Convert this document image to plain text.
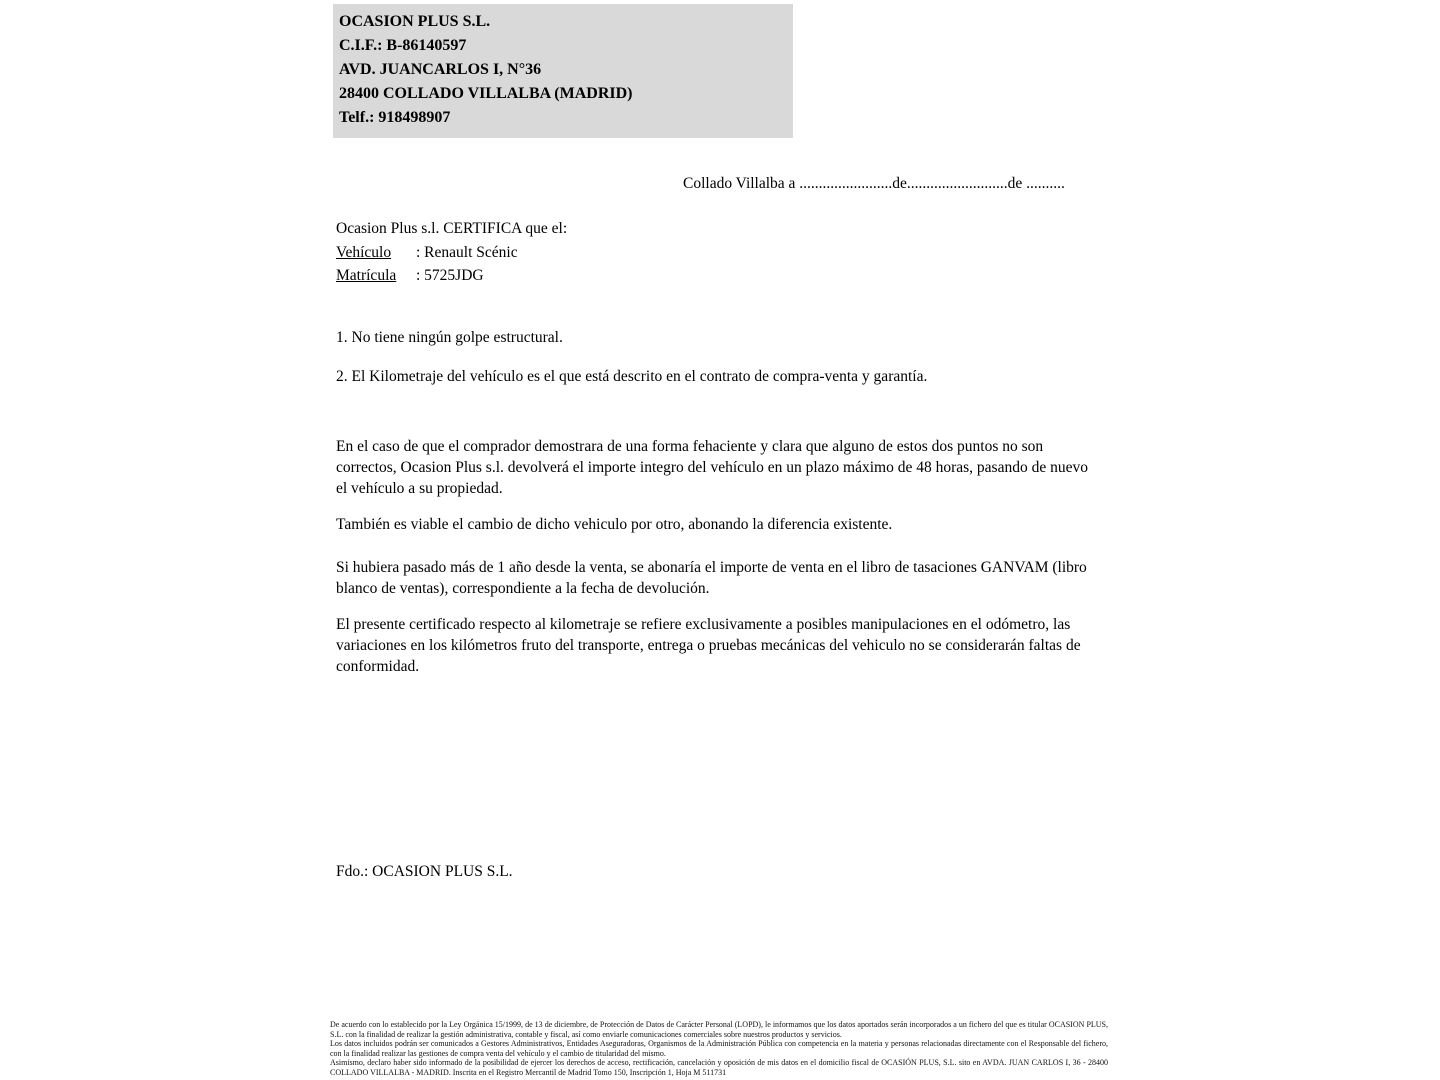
OCASION PLUS S.L.
C.I.F.: B-86140597
AVD. JUANCARLOS I, N°36
28400 COLLADO VILLALBA (MADRID)
Telf.: 918498907
Collado Villalba a ........................de..........................de ..........
Ocasion Plus s.l. CERTIFICA que el:
Vehículo : Renault Scénic
Matrícula : 5725JDG
1. No tiene ningún golpe estructural.
2. El Kilometraje del vehículo es el que está descrito en el contrato de compra-venta y garantía.
En el caso de que el comprador demostrara de una forma fehaciente y clara que alguno de estos dos puntos no son correctos, Ocasion Plus s.l. devolverá el importe integro del vehículo en un plazo máximo de 48 horas, pasando de nuevo el vehículo a su propiedad.
También es viable el cambio de dicho vehiculo por otro, abonando la diferencia existente.
Si hubiera pasado más de 1 año desde la venta, se abonaría el importe de venta en el libro de tasaciones GANVAM (libro blanco de ventas), correspondiente a la fecha de devolución.
El presente certificado respecto al kilometraje se refiere exclusivamente a posibles manipulaciones en el odómetro, las variaciones en los kilómetros fruto del transporte, entrega o pruebas mecánicas del vehiculo no se considerarán faltas de conformidad.
Fdo.: OCASION PLUS S.L.
De acuerdo con lo establecido por la Ley Orgánica 15/1999, de 13 de diciembre, de Protección de Datos de Carácter Personal (LOPD), le informamos que los datos aportados serán incorporados a un fichero del que es titular OCASION PLUS, S.L. con la finalidad de realizar la gestión administrativa, contable y fiscal, así como enviarle comunicaciones comerciales sobre nuestros productos y servicios.
Los datos incluidos podrán ser comunicados a Gestores Administrativos, Entidades Aseguradoras, Organismos de la Administración Pública con competencia en la materia y personas relacionadas directamente con el Responsable del fichero, con la finalidad realizar las gestiones de compra venta del vehículo y el cambio de titularidad del mismo.
Asimismo, declaro haber sido informado de la posibilidad de ejercer los derechos de acceso, rectificación, cancelación y oposición de mis datos en el domicilio fiscal de OCASIÓN PLUS, S.L. sito en AVDA. JUAN CARLOS I, 36 - 28400 COLLADO VILLALBA - MADRID. Inscrita en el Registro Mercantil de Madrid Tomo 150, Inscripción 1, Hoja M 511731
